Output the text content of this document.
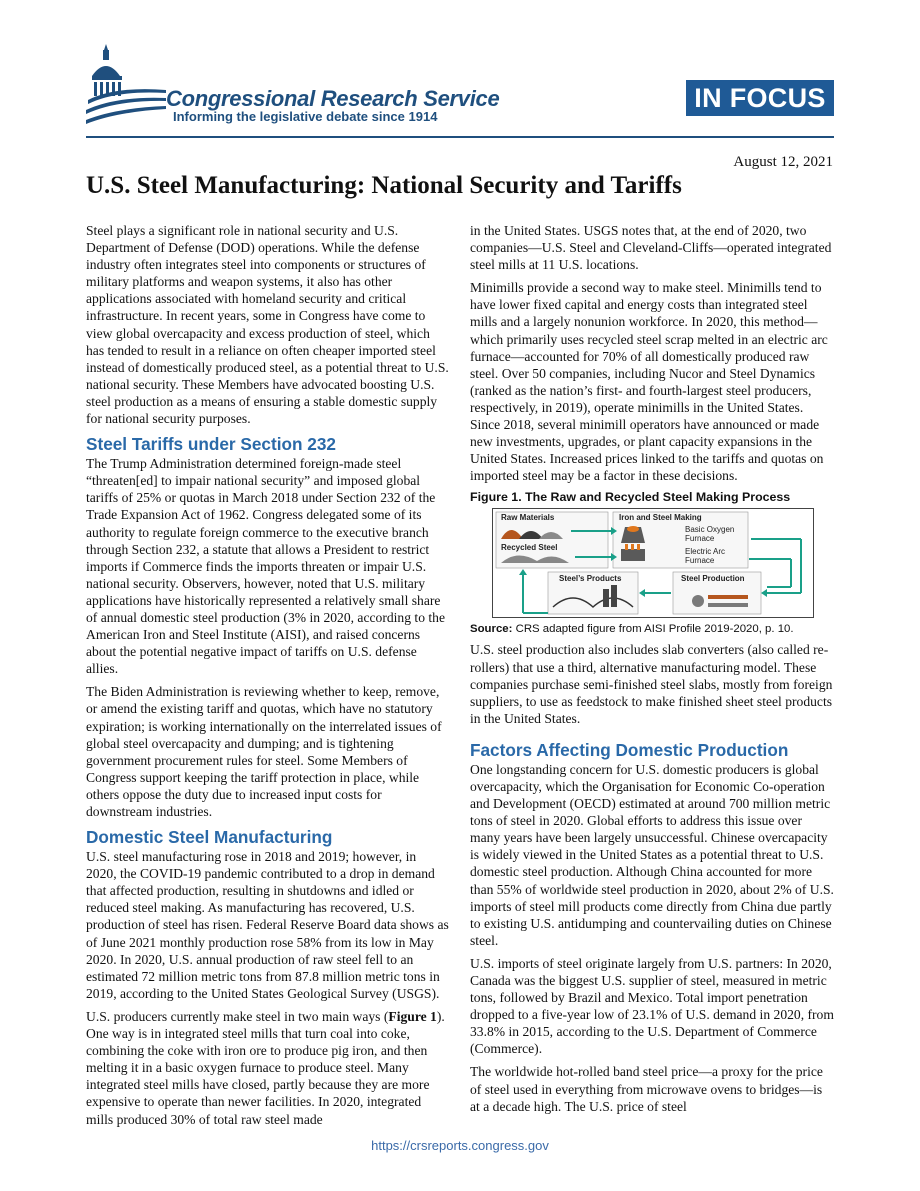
Congressional Research Service
Informing the legislative debate since 1914
IN FOCUS
August 12, 2021
U.S. Steel Manufacturing: National Security and Tariffs

Steel plays a significant role in national security and U.S. Department of Defense (DOD) operations. While the defense industry often integrates steel into components or structures of military platforms and weapon systems, it also has other applications associated with homeland security and critical infrastructure. In recent years, some in Congress have come to view global overcapacity and excess production of steel, which has tended to result in a reliance on often cheaper imported steel instead of domestically produced steel, as a potential threat to U.S. national security. These Members have advocated boosting U.S. steel production as a means of ensuring a stable domestic supply for national security purposes.

Steel Tariffs under Section 232

The Trump Administration determined foreign-made steel “threaten[ed] to impair national security” and imposed global tariffs of 25% or quotas in March 2018 under Section 232 of the Trade Expansion Act of 1962. Congress delegated some of its authority to regulate foreign commerce to the executive branch through Section 232, a statute that allows a President to restrict imports if Commerce finds the imports threaten or impair U.S. national security. Observers, however, noted that U.S. military applications have historically represented a relatively small share of annual domestic steel production (3% in 2020, according to the American Iron and Steel Institute (AISI), and raised concerns about the potential negative impact of tariffs on U.S. defense allies.

The Biden Administration is reviewing whether to keep, remove, or amend the existing tariff and quotas, which have no statutory expiration; is working internationally on the interrelated issues of global steel overcapacity and dumping; and is tightening government procurement rules for steel. Some Members of Congress support keeping the tariff protection in place, while others oppose the duty due to increased input costs for downstream industries.

Domestic Steel Manufacturing

U.S. steel manufacturing rose in 2018 and 2019; however, in 2020, the COVID-19 pandemic contributed to a drop in demand that affected production, resulting in shutdowns and idled or reduced steel making. As manufacturing has recovered, U.S. production of steel has risen. Federal Reserve Board data shows as of June 2021 monthly production rose 58% from its low in May 2020. In 2020, U.S. annual production of raw steel fell to an estimated 72 million metric tons from 87.8 million metric tons in 2019, according to the United States Geological Survey (USGS).

U.S. producers currently make steel in two main ways (Figure 1). One way is in integrated steel mills that turn coal into coke, combining the coke with iron ore to produce pig iron, and then melting it in a basic oxygen furnace to produce steel. Many integrated steel mills have closed, partly because they are more expensive to operate than newer facilities. In 2020, integrated mills produced 30% of total raw steel made

in the United States. USGS notes that, at the end of 2020, two companies—U.S. Steel and Cleveland-Cliffs—operated integrated steel mills at 11 U.S. locations.

Minimills provide a second way to make steel. Minimills tend to have lower fixed capital and energy costs than integrated steel mills and a largely nonunion workforce. In 2020, this method—which primarily uses recycled steel scrap melted in an electric arc furnace—accounted for 70% of all domestically produced raw steel. Over 50 companies, including Nucor and Steel Dynamics (ranked as the nation’s first- and fourth-largest steel producers, respectively, in 2019), operate minimills in the United States. Since 2018, several minimill operators have announced or made new investments, upgrades, or plant capacity expansions in the United States. Increased prices linked to the tariffs and quotas on imported steel may be a factor in these decisions.

Figure 1. The Raw and Recycled Steel Making Process
Raw Materials	Iron and Steel Making
Basic Oxygen Furnace
Recycled Steel	Electric Arc Furnace
Steel’s Products	Steel Production
Source: CRS adapted figure from AISI Profile 2019-2020, p. 10.

U.S. steel production also includes slab converters (also called re-rollers) that use a third, alternative manufacturing model. These companies purchase semi-finished steel slabs, mostly from foreign suppliers, to use as feedstock to make finished sheet steel products in the United States.

Factors Affecting Domestic Production

One longstanding concern for U.S. domestic producers is global overcapacity, which the Organisation for Economic Co-operation and Development (OECD) estimated at around 700 million metric tons of steel in 2020. Global efforts to address this issue over many years have been largely unsuccessful. Chinese overcapacity is widely viewed in the United States as a potential threat to U.S. domestic steel production. Although China accounted for more than 55% of worldwide steel production in 2020, about 2% of U.S. imports of steel mill products come directly from China due partly to existing U.S. antidumping and countervailing duties on Chinese steel.

U.S. imports of steel originate largely from U.S. partners: In 2020, Canada was the biggest U.S. supplier of steel, measured in metric tons, followed by Brazil and Mexico. Total import penetration dropped to a five-year low of 23.1% of U.S. demand in 2020, from 33.8% in 2015, according to the U.S. Department of Commerce (Commerce).

The worldwide hot-rolled band steel price—a proxy for the price of steel used in everything from microwave ovens to bridges—is at a decade high. The U.S. price of steel

https://crsreports.congress.gov
